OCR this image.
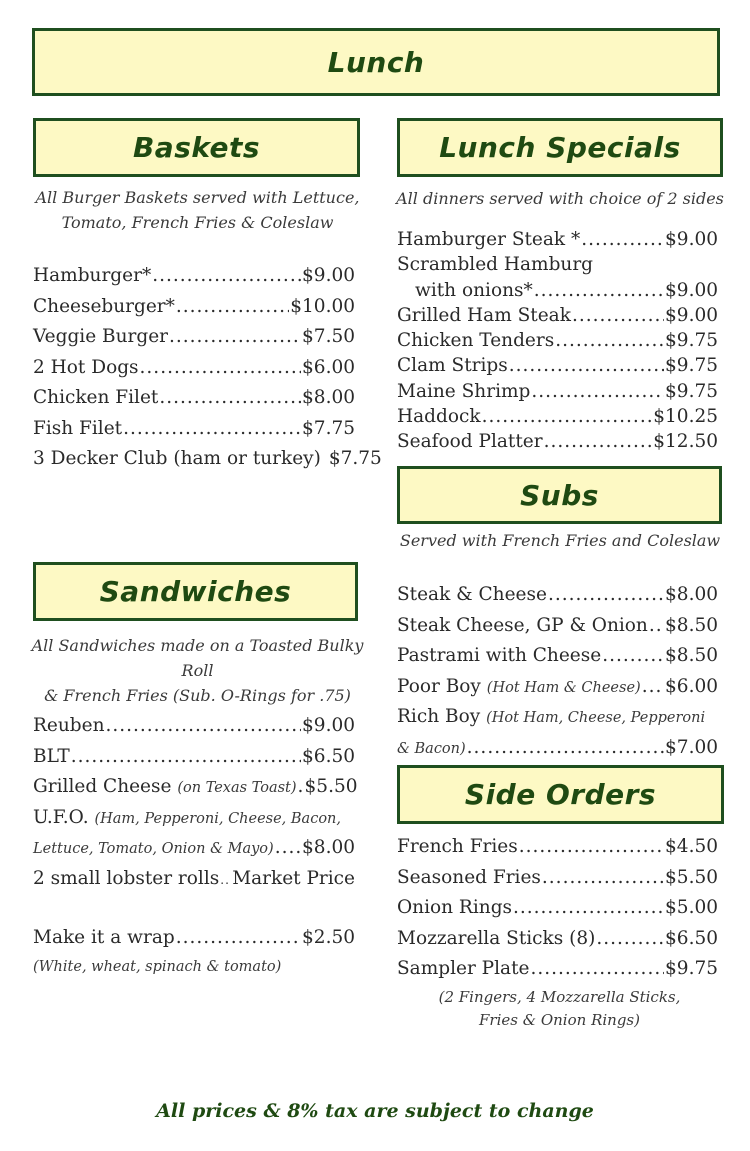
Lunch
Baskets
All Burger Baskets served with Lettuce,
Tomato, French Fries & Coleslaw
Hamburger* .....	$9.00
Cheeseburger* .....	$10.00
Veggie Burger .....	$7.50
2 Hot Dogs .....	$6.00
Chicken Filet .....	$8.00
Fish Filet .....	$7.75
3 Decker Club (ham or turkey) $7.75
Sandwiches
All Sandwiches made on a Toasted Bulky Roll
& French Fries (Sub. O-Rings for .75)
Reuben .....	$9.00
BLT .....	$6.50
Grilled Cheese (on Texas Toast) ..... $5.50
U.F.O. (Ham, Pepperoni, Cheese, Bacon,
Lettuce, Tomato, Onion & Mayo) ..... $8.00
2 small lobster rolls ..... Market Price
Make it a wrap .....	$2.50
(White, wheat, spinach & tomato)
Lunch Specials
All dinners served with choice of 2 sides
Hamburger Steak * .....	$9.00
Scrambled Hamburg
with onions* .....	$9.00
Grilled Ham Steak .....	$9.00
Chicken Tenders .....	$9.75
Clam Strips .....	$9.75
Maine Shrimp .....	$9.75
Haddock .....	$10.25
Seafood Platter .....	$12.50
Subs
Served with French Fries and Coleslaw
Steak & Cheese .....	$8.00
Steak Cheese, GP & Onion ..... $8.50
Pastrami with Cheese .....	$8.50
Poor Boy (Hot Ham & Cheese) ..... $6.00
Rich Boy (Hot Ham, Cheese, Pepperoni
& Bacon) .....	$7.00
Side Orders
French Fries .....	$4.50
Seasoned Fries .....	$5.50
Onion Rings .....	$5.00
Mozzarella Sticks (8) .....	$6.50
Sampler Plate .....	$9.75
(2 Fingers, 4 Mozzarella Sticks,
Fries & Onion Rings)
All prices & 8% tax are subject to change
